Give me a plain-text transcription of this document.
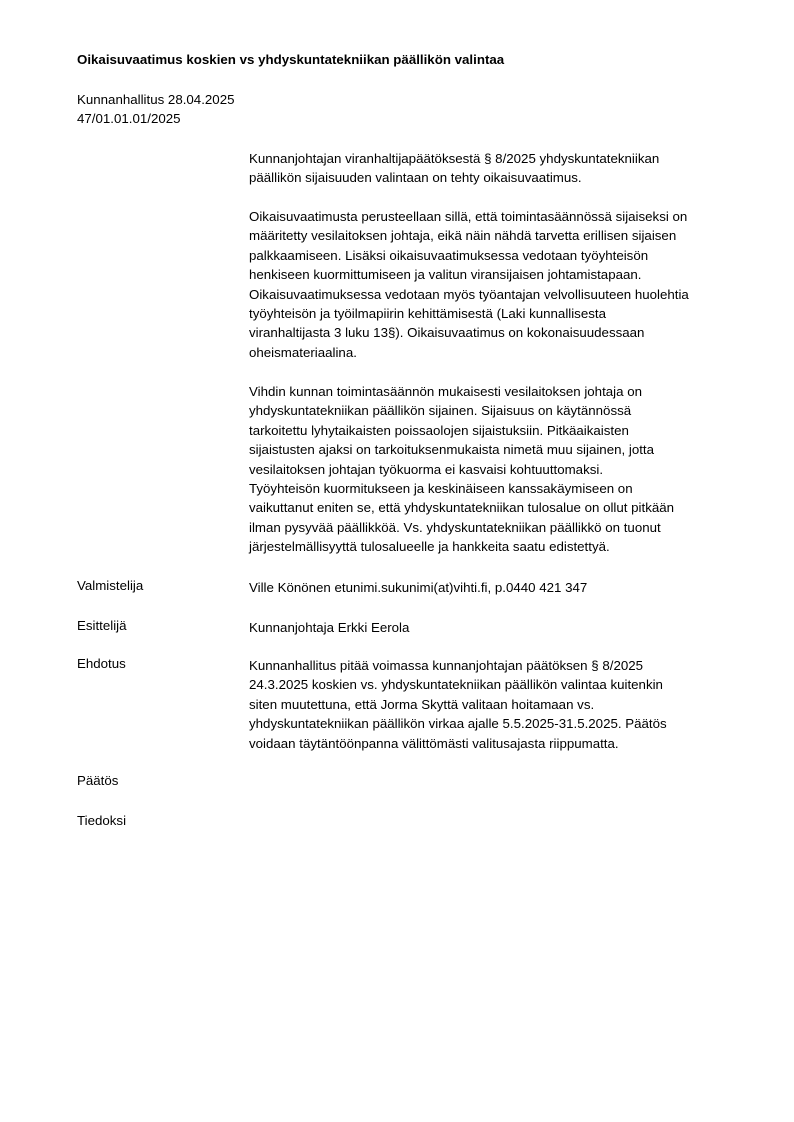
Oikaisuvaatimus koskien vs yhdyskuntatekniikan päällikön valintaa
Kunnanhallitus 28.04.2025
47/01.01.01/2025
Kunnanjohtajan viranhaltijapäätöksestä § 8/2025 yhdyskuntatekniikan
päällikön sijaisuuden valintaan on tehty oikaisuvaatimus.
Oikaisuvaatimusta perusteellaan sillä, että toimintasäännössä sijaiseksi on
määritetty vesilaitoksen johtaja, eikä näin nähdä tarvetta erillisen sijaisen
palkkaamiseen. Lisäksi oikaisuvaatimuksessa vedotaan työyhteisön
henkiseen kuormittumiseen ja valitun viransijaisen johtamistapaan.
Oikaisuvaatimuksessa vedotaan myös työantajan velvollisuuteen huolehtia
työyhteisön ja työilmapiirin kehittämisestä (Laki kunnallisesta
viranhaltijasta 3 luku 13§). Oikaisuvaatimus on kokonaisuudessaan
oheismateriaalina.
Vihdin kunnan toimintasäännön mukaisesti vesilaitoksen johtaja on
yhdyskuntatekniikan päällikön sijainen. Sijaisuus on käytännössä
tarkoitettu lyhytaikaisten poissaolojen sijaistuksiin. Pitkäaikaisten
sijaistusten ajaksi on tarkoituksenmukaista nimetä muu sijainen, jotta
vesilaitoksen johtajan työkuorma ei kasvaisi kohtuuttomaksi.
Työyhteisön kuormitukseen ja keskinäiseen kanssakäymiseen on
vaikuttanut eniten se, että yhdyskuntatekniikan tulosalue on ollut pitkään
ilman pysyvää päällikköä. Vs. yhdyskuntatekniikan päällikkö on tuonut
järjestelmällisyyttä tulosalueelle ja hankkeita saatu edistettyä.
Valmistelija	Ville Könönen etunimi.sukunimi(at)vihti.fi, p.0440 421 347
Esittelijä	Kunnanjohtaja Erkki Eerola
Ehdotus	Kunnanhallitus pitää voimassa kunnanjohtajan päätöksen § 8/2025
24.3.2025 koskien vs. yhdyskuntatekniikan päällikön valintaa kuitenkin
siten muutettuna, että Jorma Skyttä valitaan hoitamaan vs.
yhdyskuntatekniikan päällikön virkaa ajalle 5.5.2025-31.5.2025. Päätös
voidaan täytäntöönpanna välittömästi valitusajasta riippumatta.
Päätös
Tiedoksi
